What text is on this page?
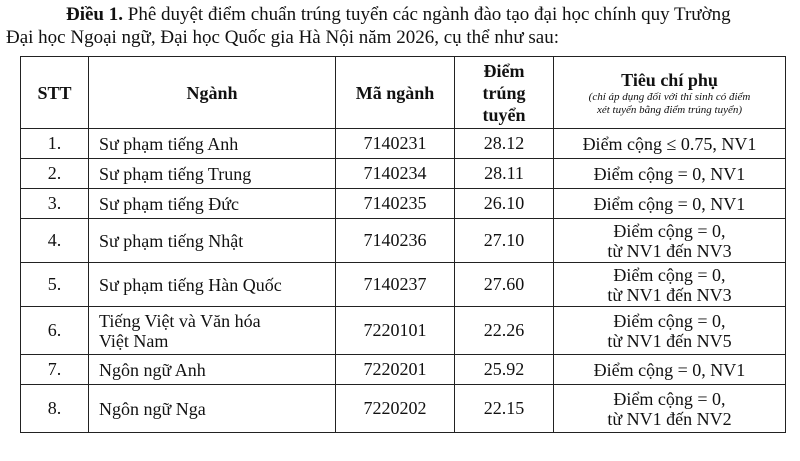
Điều 1. Phê duyệt điểm chuẩn trúng tuyển các ngành đào tạo đại học chính quy Trường
Đại học Ngoại ngữ, Đại học Quốc gia Hà Nội năm 2026, cụ thể như sau:
STT	Ngành	Mã ngành	Điểm
trúng
tuyển	Tiêu chí phụ
(chỉ áp dụng đối với thí sinh có điểm
xét tuyển bằng điểm trúng tuyển)

1.	Sư phạm tiếng Anh	7140231	28.12	Điểm cộng ≤ 0.75, NV1

2.	Sư phạm tiếng Trung	7140234	28.11	Điểm cộng = 0, NV1

3.	Sư phạm tiếng Đức	7140235	26.10	Điểm cộng = 0, NV1

4.	Sư phạm tiếng Nhật	7140236	27.10	Điểm cộng = 0,
từ NV1 đến NV3

5.	Sư phạm tiếng Hàn Quốc	7140237	27.60	Điểm cộng = 0,
từ NV1 đến NV3

6.	Tiếng Việt và Văn hóa
Việt Nam	7220101	22.26	Điểm cộng = 0,
từ NV1 đến NV5

7.	Ngôn ngữ Anh	7220201	25.92	Điểm cộng = 0, NV1

8.	Ngôn ngữ Nga	7220202	22.15	Điểm cộng = 0,
từ NV1 đến NV2
